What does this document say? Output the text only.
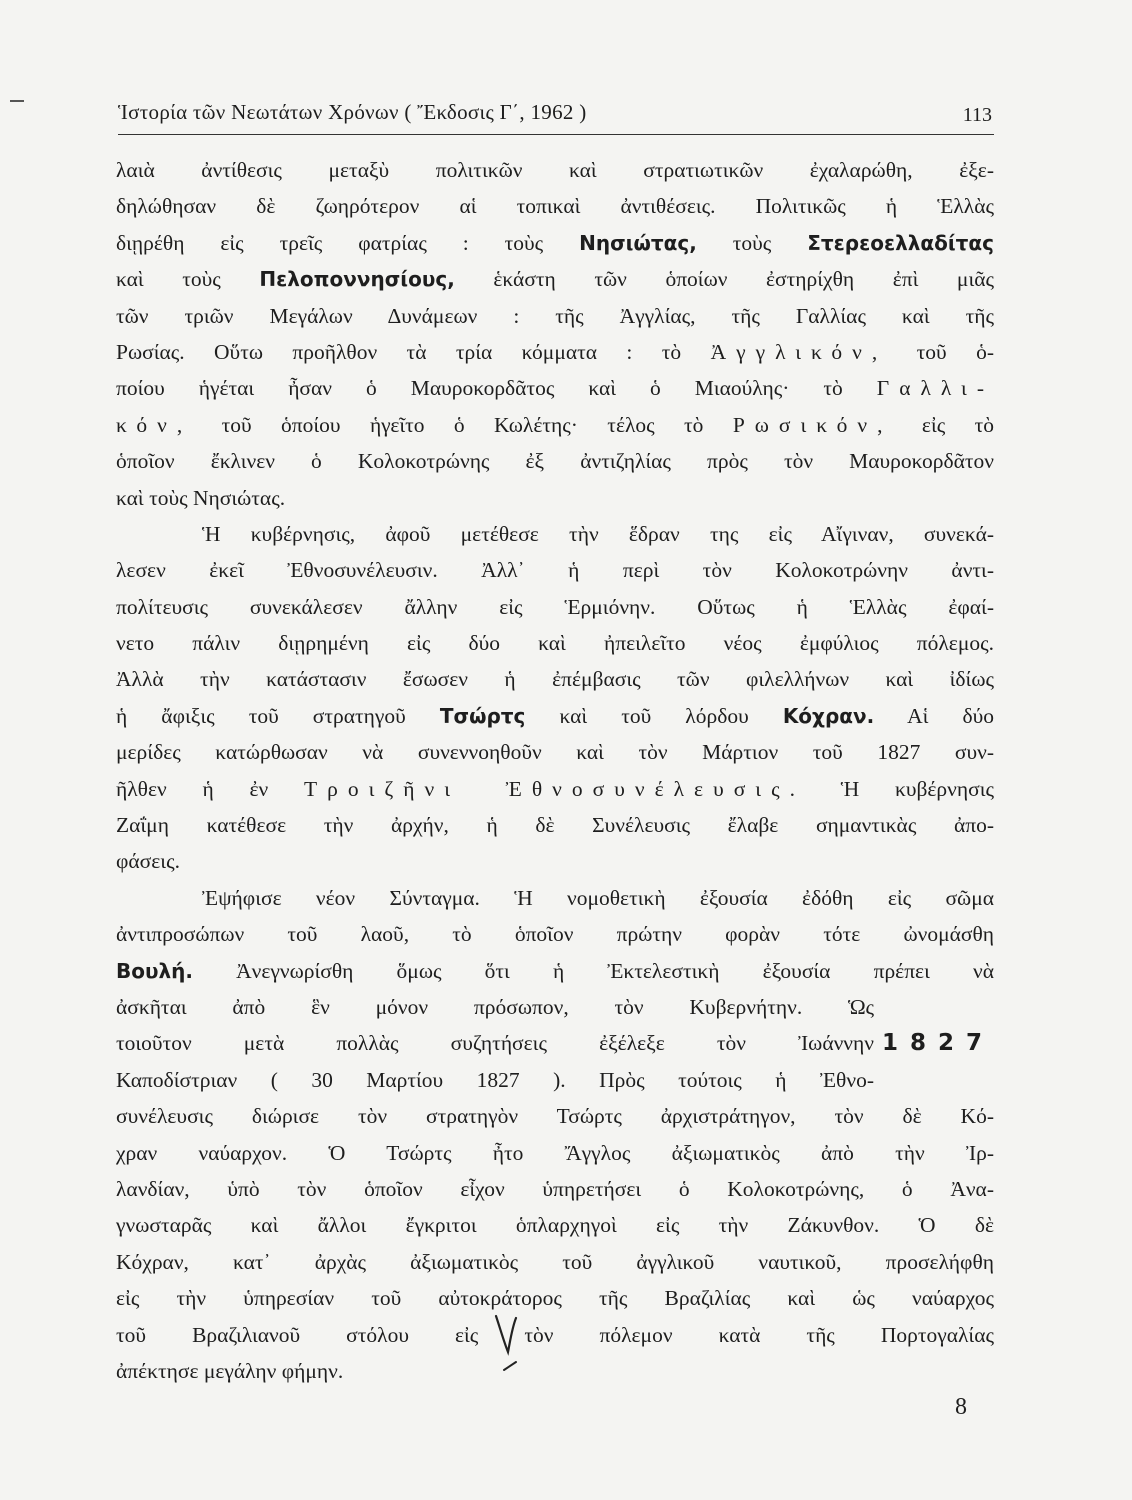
Ἱστορία τῶν Νεωτάτων Χρόνων ( Ἔκδοσις Γ΄, 1962 )	113
λαιὰ ἀντίθεσις μεταξὺ πολιτικῶν καὶ στρατιωτικῶν ἐχαλαρώθη, ἐξε-
δηλώθησαν δὲ ζωηρότερον αἱ τοπικαὶ ἀντιθέσεις. Πολιτικῶς ἡ Ἑλλὰς
διῃρέθη εἰς τρεῖς φατρίας : τοὺς Νησιώτας, τοὺς Στερεοελλαδίτας
καὶ τοὺς Πελοποννησίους, ἑκάστη τῶν ὁποίων ἐστηρίχθη ἐπὶ μιᾶς
τῶν τριῶν Μεγάλων Δυνάμεων : τῆς Ἀγγλίας, τῆς Γαλλίας καὶ τῆς
Ρωσίας. Οὕτω προῆλθον τὰ τρία κόμματα : τὸ Ἀγγλικόν, τοῦ ὁ-
ποίου ἡγέται ἦσαν ὁ Μαυροκορδᾶτος καὶ ὁ Μιαούλης· τὸ Γαλλι-
κόν, τοῦ ὁποίου ἡγεῖτο ὁ Κωλέτης· τέλος τὸ Ρωσικόν, εἰς τὸ
ὁποῖον ἔκλινεν ὁ Κολοκοτρώνης ἐξ ἀντιζηλίας πρὸς τὸν Μαυροκορδᾶτον
καὶ τοὺς Νησιώτας.
Ἡ κυβέρνησις, ἀφοῦ μετέθεσε τὴν ἕδραν της εἰς Αἴγιναν, συνεκά-
λεσεν ἐκεῖ Ἐθνοσυνέλευσιν. Ἀλλ᾿ ἡ περὶ τὸν Κολοκοτρώνην ἀντι-
πολίτευσις συνεκάλεσεν ἄλλην εἰς Ἑρμιόνην. Οὕτως ἡ Ἑλλὰς ἐφαί-
νετο πάλιν διῃρημένη εἰς δύο καὶ ἠπειλεῖτο νέος ἐμφύλιος πόλεμος.
Ἀλλὰ τὴν κατάστασιν ἔσωσεν ἡ ἐπέμβασις τῶν φιλελλήνων καὶ ἰδίως
ἡ ἄφιξις τοῦ στρατηγοῦ Τσώρτς καὶ τοῦ λόρδου Κόχραν. Αἱ δύο
μερίδες κατώρθωσαν νὰ συνεννοηθοῦν καὶ τὸν Μάρτιον τοῦ 1827 συν-
ῆλθεν ἡ ἐν Τροιζῆνι Ἐθνοσυνέλευσις. Ἡ κυβέρνησις
Ζαΐμη κατέθεσε τὴν ἀρχήν, ἡ δὲ Συνέλευσις ἔλαβε σημαντικὰς ἀπο-
φάσεις.
Ἐψήφισε νέον Σύνταγμα. Ἡ νομοθετικὴ ἐξουσία ἐδόθη εἰς σῶμα
ἀντιπροσώπων τοῦ λαοῦ, τὸ ὁποῖον πρώτην φορὰν τότε ὠνομάσθη
Βουλή. Ἀνεγνωρίσθη ὅμως ὅτι ἡ Ἐκτελεστικὴ ἐξουσία πρέπει νὰ
ἀσκῆται ἀπὸ ἓν μόνον πρόσωπον, τὸν Κυβερνήτην. Ὡς
τοιοῦτον μετὰ πολλὰς συζητήσεις ἐξέλεξε τὸν Ἰωάννην 1827
Καποδίστριαν ( 30 Μαρτίου 1827 ). Πρὸς τούτοις ἡ Ἐθνο-
συνέλευσις διώρισε τὸν στρατηγὸν Τσώρτς ἀρχιστράτηγον, τὸν δὲ Κό-
χραν ναύαρχον. Ὁ Τσώρτς ἦτο Ἄγγλος ἀξιωματικὸς ἀπὸ τὴν Ἰρ-
λανδίαν, ὑπὸ τὸν ὁποῖον εἶχον ὑπηρετήσει ὁ Κολοκοτρώνης, ὁ Ἀνα-
γνωσταρᾶς καὶ ἄλλοι ἔγκριτοι ὁπλαρχηγοὶ εἰς τὴν Ζάκυνθον. Ὁ δὲ
Κόχραν, κατ᾿ ἀρχὰς ἀξιωματικὸς τοῦ ἀγγλικοῦ ναυτικοῦ, προσελήφθη
εἰς τὴν ὑπηρεσίαν τοῦ αὐτοκράτορος τῆς Βραζιλίας καὶ ὡς ναύαρχος
τοῦ Βραζιλιανοῦ στόλου εἰς τὸν πόλεμον κατὰ τῆς Πορτογαλίας
ἀπέκτησε μεγάλην φήμην.
8
